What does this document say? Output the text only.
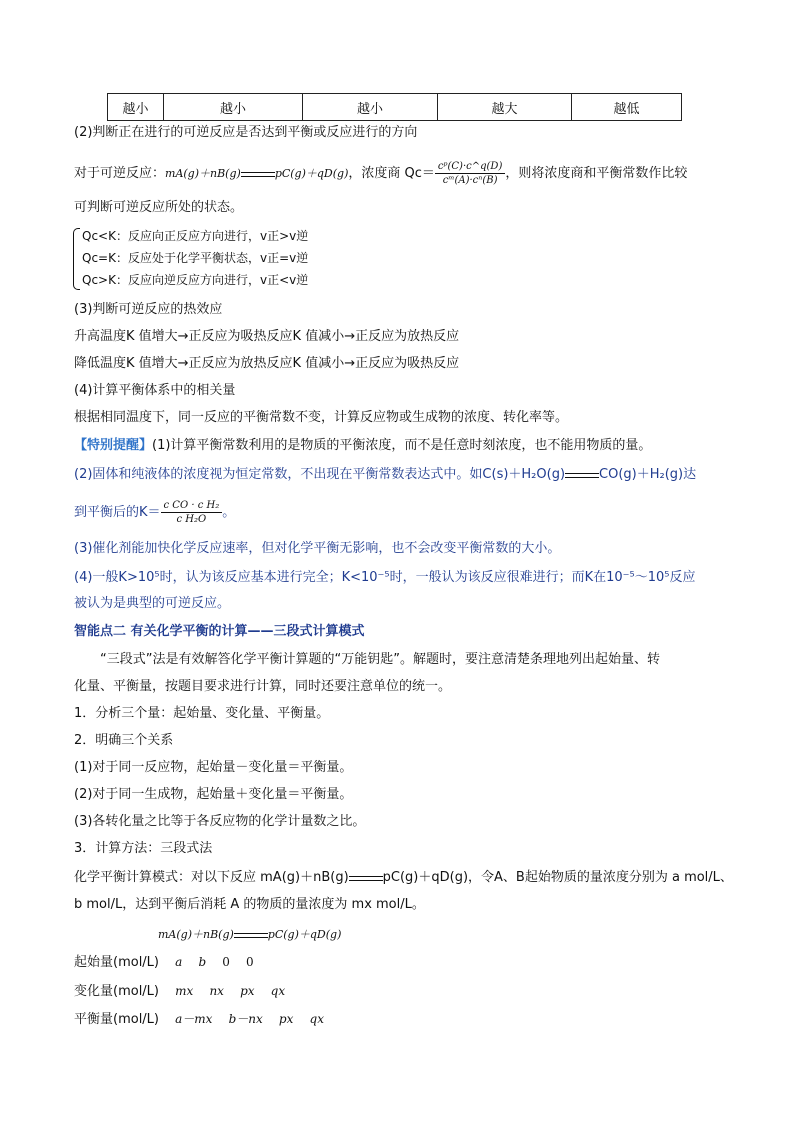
越小	越小	越小	越大	越低
(2)判断正在进行的可逆反应是否达到平衡或反应进行的方向
对于可逆反应：mA(g)＋nB(g)	pC(g)＋qD(g)，浓度商 $Qc= \frac{\text{cᵖ(C)·c\textasciicircum{}q(D)}}{\text{cᵐ(A)·cⁿ(B)}}$ ，则将浓度商和平衡常数作比较
可判断可逆反应所处的状态。
Qc<K：反应向正反应方向进行，v正>v逆
Qc=K：反应处于化学平衡状态，v正=v逆
Qc>K：反应向逆反应方向进行，v正<v逆
(3)判断可逆反应的热效应
升高温度K 值增大→正反应为吸热反应K 值减小→正反应为放热反应
降低温度K 值增大→正反应为放热反应K 值减小→正反应为吸热反应
(4)计算平衡体系中的相关量
根据相同温度下，同一反应的平衡常数不变，计算反应物或生成物的浓度、转化率等。
【特别提醒】(1)计算平衡常数利用的是物质的平衡浓度，而不是任意时刻浓度，也不能用物质的量。
(2)固体和纯液体的浓度视为恒定常数，不出现在平衡常数表达式中。如C(s)＋H₂O(g)	CO(g)＋H₂(g)达
到平衡后的$K= \frac{\text{c CO · c H₂}}{\text{c H₂O}}$ 。
(3)催化剂能加快化学反应速率，但对化学平衡无影响，也不会改变平衡常数的大小。
(4)一般K>10⁵时，认为该反应基本进行完全；K<10⁻⁵时，一般认为该反应很难进行；而K在10⁻⁵～10⁵反应
被认为是典型的可逆反应。
智能点二 有关化学平衡的计算——三段式计算模式
“三段式”法是有效解答化学平衡计算题的“万能钥匙”。解题时，要注意清楚条理地列出起始量、转
化量、平衡量，按题目要求进行计算，同时还要注意单位的统一。
1．分析三个量：起始量、变化量、平衡量。
2．明确三个关系
(1)对于同一反应物，起始量－变化量＝平衡量。
(2)对于同一生成物，起始量＋变化量＝平衡量。
(3)各转化量之比等于各反应物的化学计量数之比。
3．计算方法：三段式法
化学平衡计算模式：对以下反应 mA(g)＋nB(g)	pC(g)＋qD(g)，令A、B起始物质的量浓度分别为 a mol/L、
b mol/L，达到平衡后消耗 A 的物质的量浓度为 mx mol/L。
mA(g)＋nB(g)	pC(g)＋qD(g)
起始量(mol/L) a b 0 0
变化量(mol/L) mx nx px qx
平衡量(mol/L) a－mx b－nx px qx
